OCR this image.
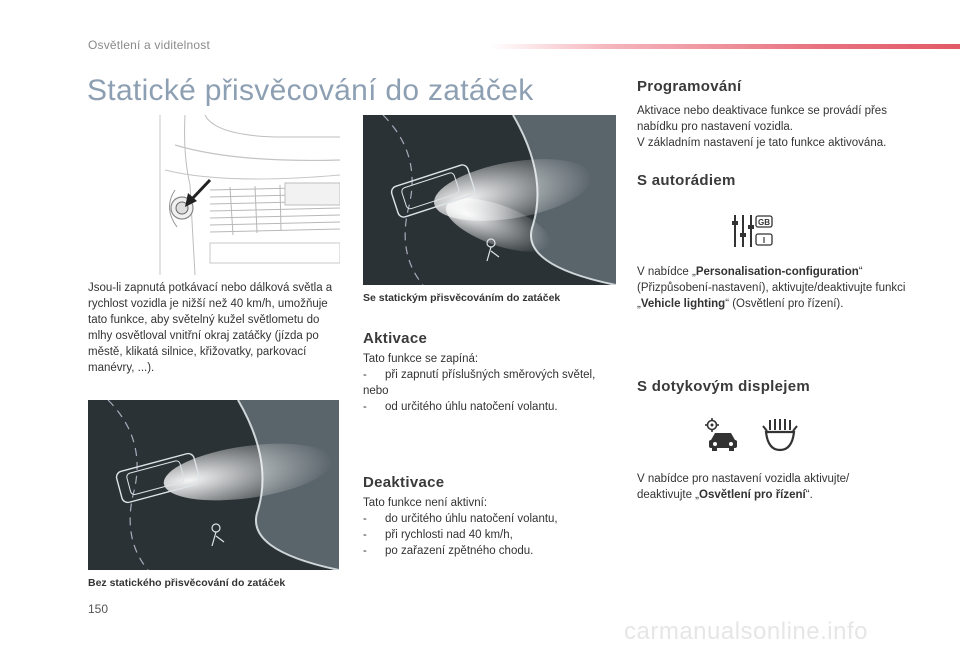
Osvětlení a viditelnost
Statické přisvěcování do zatáček
Jsou-li zapnutá potkávací nebo dálková světla a rychlost vozidla je nižší než 40 km/h, umožňuje tato funkce, aby světelný kužel světlometu do mlhy osvětloval vnitřní okraj zatáčky (jízda po městě, klikatá silnice, křižovatky, parkovací manévry, ...).
Se statickým přisvěcováním do zatáček
Aktivace
Tato funkce se zapíná:
- při zapnutí příslušných směrových světel,
nebo
- od určitého úhlu natočení volantu.
Bez statického přisvěcování do zatáček
Deaktivace
Tato funkce není aktivní:
- do určitého úhlu natočení volantu,
- při rychlosti nad 40 km/h,
- po zařazení zpětného chodu.
Programování
Aktivace nebo deaktivace funkce se provádí přes nabídku pro nastavení vozidla.
V základním nastavení je tato funkce aktivována.
S autorádiem
GB
I
V nabídce „Personalisation-configuration“ (Přizpůsobení-nastavení), aktivujte/deaktivujte funkci „Vehicle lighting“ (Osvětlení pro řízení).
S dotykovým displejem
V nabídce pro nastavení vozidla aktivujte/ deaktivujte „Osvětlení pro řízení“.
150
carmanualsonline.info
